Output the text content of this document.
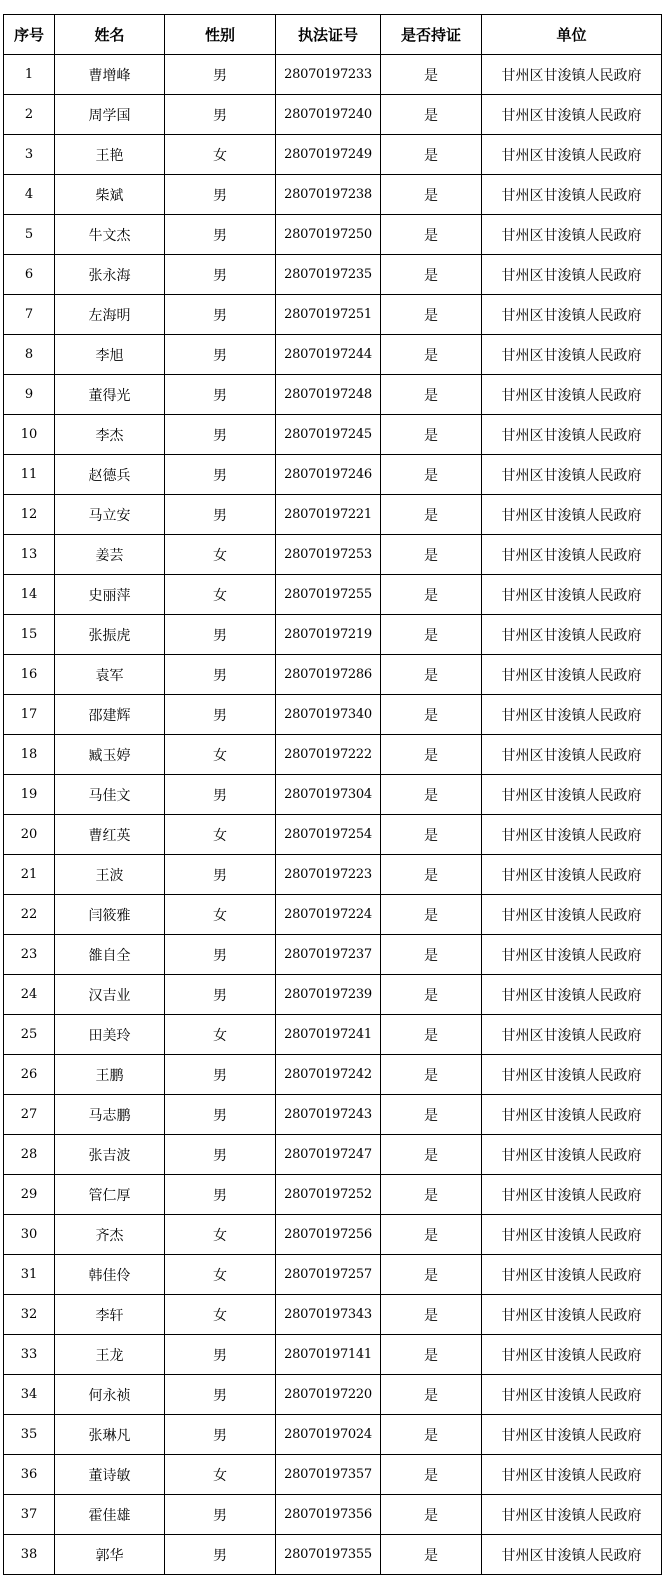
序号	姓名	性别	执法证号	是否持证	单位
1	曹增峰	男	28070197233	是	甘州区甘浚镇人民政府
2	周学国	男	28070197240	是	甘州区甘浚镇人民政府
3	王艳	女	28070197249	是	甘州区甘浚镇人民政府
4	柴斌	男	28070197238	是	甘州区甘浚镇人民政府
5	牛文杰	男	28070197250	是	甘州区甘浚镇人民政府
6	张永海	男	28070197235	是	甘州区甘浚镇人民政府
7	左海明	男	28070197251	是	甘州区甘浚镇人民政府
8	李旭	男	28070197244	是	甘州区甘浚镇人民政府
9	董得光	男	28070197248	是	甘州区甘浚镇人民政府
10	李杰	男	28070197245	是	甘州区甘浚镇人民政府
11	赵德兵	男	28070197246	是	甘州区甘浚镇人民政府
12	马立安	男	28070197221	是	甘州区甘浚镇人民政府
13	姜芸	女	28070197253	是	甘州区甘浚镇人民政府
14	史丽萍	女	28070197255	是	甘州区甘浚镇人民政府
15	张振虎	男	28070197219	是	甘州区甘浚镇人民政府
16	袁军	男	28070197286	是	甘州区甘浚镇人民政府
17	邵建辉	男	28070197340	是	甘州区甘浚镇人民政府
18	臧玉婷	女	28070197222	是	甘州区甘浚镇人民政府
19	马佳文	男	28070197304	是	甘州区甘浚镇人民政府
20	曹红英	女	28070197254	是	甘州区甘浚镇人民政府
21	王波	男	28070197223	是	甘州区甘浚镇人民政府
22	闫筱雅	女	28070197224	是	甘州区甘浚镇人民政府
23	雒自全	男	28070197237	是	甘州区甘浚镇人民政府
24	汉吉业	男	28070197239	是	甘州区甘浚镇人民政府
25	田美玲	女	28070197241	是	甘州区甘浚镇人民政府
26	王鹏	男	28070197242	是	甘州区甘浚镇人民政府
27	马志鹏	男	28070197243	是	甘州区甘浚镇人民政府
28	张吉波	男	28070197247	是	甘州区甘浚镇人民政府
29	管仁厚	男	28070197252	是	甘州区甘浚镇人民政府
30	齐杰	女	28070197256	是	甘州区甘浚镇人民政府
31	韩佳伶	女	28070197257	是	甘州区甘浚镇人民政府
32	李轩	女	28070197343	是	甘州区甘浚镇人民政府
33	王龙	男	28070197141	是	甘州区甘浚镇人民政府
34	何永祯	男	28070197220	是	甘州区甘浚镇人民政府
35	张琳凡	男	28070197024	是	甘州区甘浚镇人民政府
36	董诗敏	女	28070197357	是	甘州区甘浚镇人民政府
37	霍佳雄	男	28070197356	是	甘州区甘浚镇人民政府
38	郭华	男	28070197355	是	甘州区甘浚镇人民政府
